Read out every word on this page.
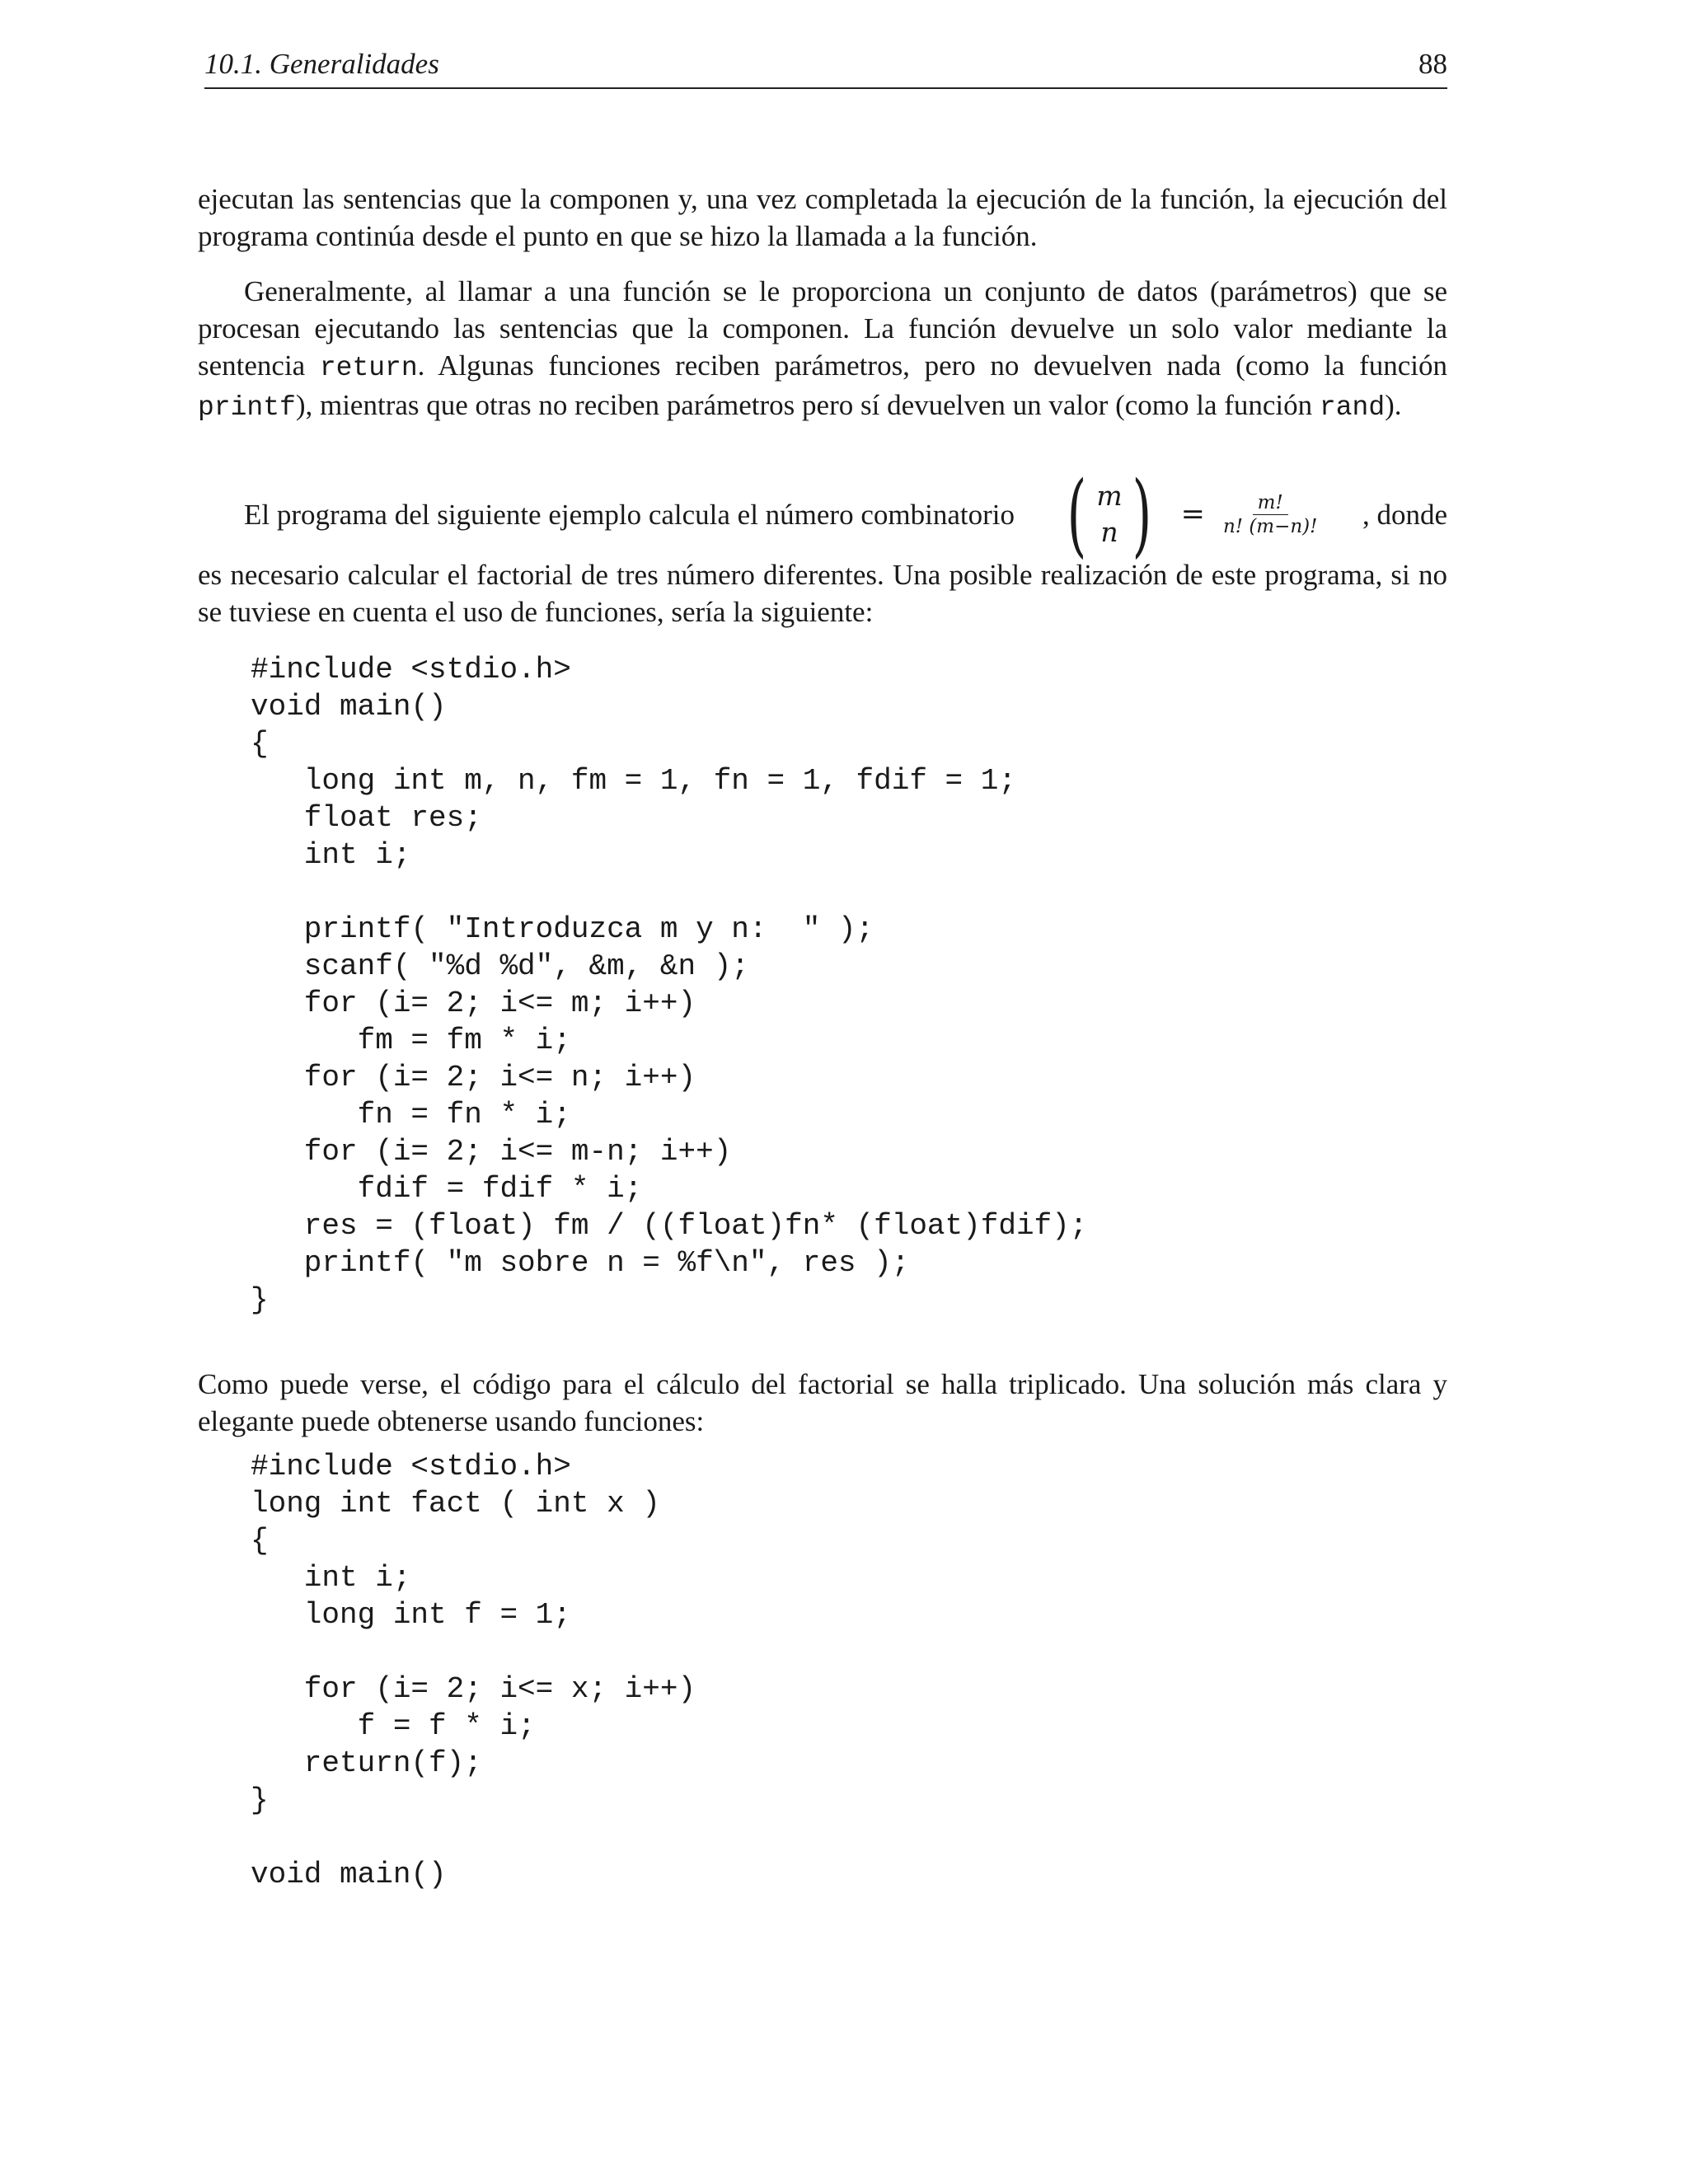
10.1. Generalidades	88

ejecutan las sentencias que la componen y, una vez completada la ejecución de la función, la ejecución del programa continúa desde el punto en que se hizo la llamada a la función.

Generalmente, al llamar a una función se le proporciona un conjunto de datos (parámetros) que se procesan ejecutando las sentencias que la componen. La función devuelve un solo valor mediante la sentencia return. Algunas funciones reciben parámetros, pero no devuelven nada (como la función printf), mientras que otras no reciben parámetros pero sí devuelven un valor (como la función rand).

El programa del siguiente ejemplo calcula el número combinatorio ( m
n ) = $\frac{m!}{n! (m-n)!}$	, donde

es necesario calcular el factorial de tres número diferentes. Una posible realización de este programa, si no se tuviese en cuenta el uso de funciones, sería la siguiente:

#include <stdio.h>
void main()
{
long int m, n, fm = 1, fn = 1, fdif = 1;
float res;
int i;
printf( "Introduzca m y n:  " );
scanf( "%d %d", &m, &n );
for (i= 2; i<= m; i++)
fm = fm * i;
for (i= 2; i<= n; i++)
fn = fn * i;
for (i= 2; i<= m-n; i++)
fdif = fdif * i;
res = (float) fm / ((float)fn* (float)fdif);
printf( "m sobre n = %f\n", res );
}

Como puede verse, el código para el cálculo del factorial se halla triplicado. Una solución más clara y elegante puede obtenerse usando funciones:

#include <stdio.h>
long int fact ( int x )
{
int i;
long int f = 1;
for (i= 2; i<= x; i++)
f = f * i;
return(f);
}
void main()
